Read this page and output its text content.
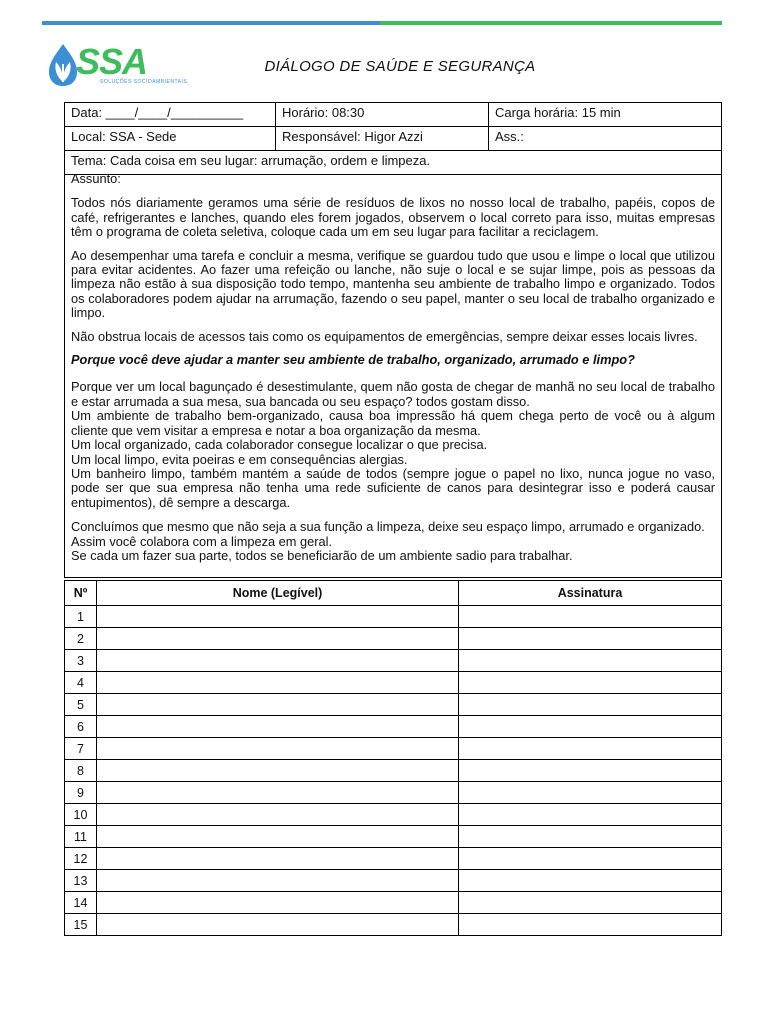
SSA
SOLUÇÕES SOCIOAMBIENTAIS
DIÁLOGO DE SAÚDE E SEGURANÇA
Data: ____/____/__________	Horário: 08:30	Carga horária: 15 min
Local: SSA - Sede	Responsável: Higor Azzi	Ass.:
Tema: Cada coisa em seu lugar: arrumação, ordem e limpeza.		

Assunto:

Todos nós diariamente geramos uma série de resíduos de lixos no nosso local de trabalho, papéis, copos de café, refrigerantes e lanches, quando eles forem jogados, observem o local correto para isso, muitas empresas têm o programa de coleta seletiva, coloque cada um em seu lugar para facilitar a reciclagem.

Ao desempenhar uma tarefa e concluir a mesma, verifique se guardou tudo que usou e limpe o local que utilizou para evitar acidentes. Ao fazer uma refeição ou lanche, não suje o local e se sujar limpe, pois as pessoas da limpeza não estão à sua disposição todo tempo, mantenha seu ambiente de trabalho limpo e organizado. Todos os colaboradores podem ajudar na arrumação, fazendo o seu papel, manter o seu local de trabalho organizado e limpo.

Não obstrua locais de acessos tais como os equipamentos de emergências, sempre deixar esses locais livres.

Porque você deve ajudar a manter seu ambiente de trabalho, organizado, arrumado e limpo?

Porque ver um local bagunçado é desestimulante, quem não gosta de chegar de manhã no seu local de trabalho e estar arrumada a sua mesa, sua bancada ou seu espaço? todos gostam disso.

Um ambiente de trabalho bem-organizado, causa boa impressão há quem chega perto de você ou à algum cliente que vem visitar a empresa e notar a boa organização da mesma.

Um local organizado, cada colaborador consegue localizar o que precisa.

Um local limpo, evita poeiras e em consequências alergias.

Um banheiro limpo, também mantém a saúde de todos (sempre jogue o papel no lixo, nunca jogue no vaso, pode ser que sua empresa não tenha uma rede suficiente de canos para desintegrar isso e poderá causar entupimentos), dê sempre a descarga.

Concluímos que mesmo que não seja a sua função a limpeza, deixe seu espaço limpo, arrumado e organizado.

Assim você colabora com a limpeza em geral.

Se cada um fazer sua parte, todos se beneficiarão de um ambiente sadio para trabalhar.

Nº	Nome (Legível)	Assinatura
1		
2		
3		
4		
5		
6		
7		
8		
9		
10		
11		
12		
13		
14		
15		
